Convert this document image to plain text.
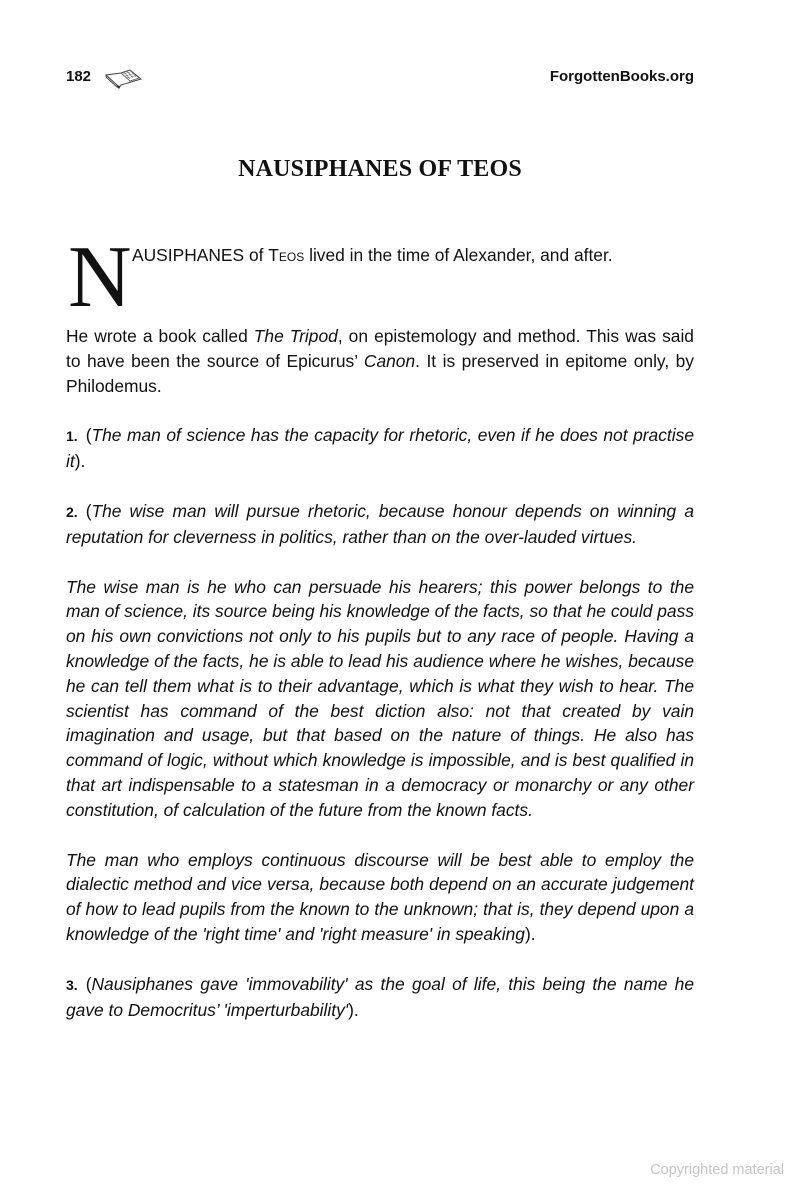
182	ForgottenBooks.org
NAUSIPHANES OF TEOS
N AUSIPHANES of Teos lived in the time of Alexander, and after.

He wrote a book called The Tripod, on epistemology and method. This was said to have been the source of Epicurus’ Canon. It is preserved in epitome only, by Philodemus.

1. (The man of science has the capacity for rhetoric, even if he does not practise it).

2. (The wise man will pursue rhetoric, because honour depends on winning a reputation for cleverness in politics, rather than on the over-lauded virtues.

The wise man is he who can persuade his hearers; this power belongs to the man of science, its source being his knowledge of the facts, so that he could pass on his own convictions not only to his pupils but to any race of people. Having a knowledge of the facts, he is able to lead his audience where he wishes, because he can tell them what is to their advantage, which is what they wish to hear. The scientist has command of the best diction also: not that created by vain imagination and usage, but that based on the nature of things. He also has command of logic, without which knowledge is impossible, and is best qualified in that art indispensable to a statesman in a democracy or monarchy or any other constitution, of calculation of the future from the known facts.

The man who employs continuous discourse will be best able to employ the dialectic method and vice versa, because both depend on an accurate judgement of how to lead pupils from the known to the unknown; that is, they depend upon a knowledge of the 'right time' and 'right measure' in speaking).

3. (Nausiphanes gave 'immovability' as the goal of life, this being the name he gave to Democritus’ 'imperturbability').

Copyrighted material
